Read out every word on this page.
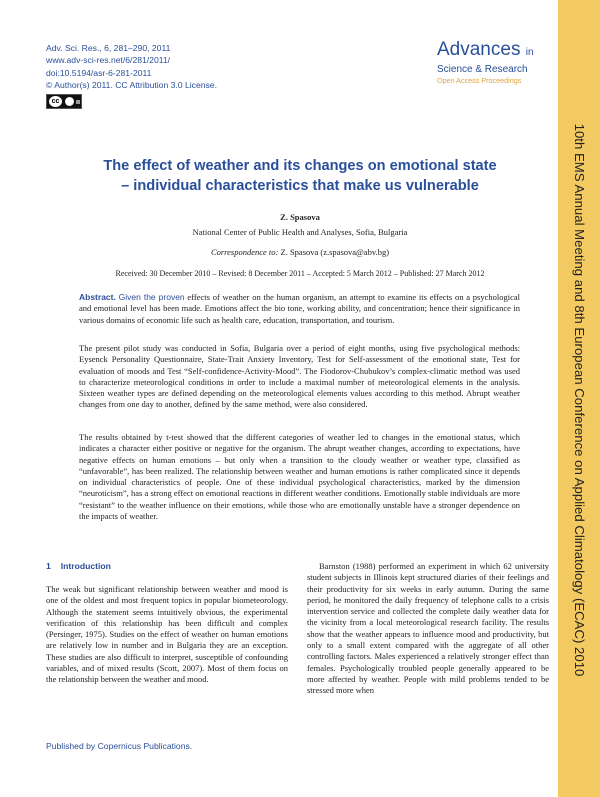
10th EMS Annual Meeting and 8th European Conference on Applied Climatology (ECAC) 2010
Adv. Sci. Res., 6, 281–290, 2011
www.adv-sci-res.net/6/281/2011/
doi:10.5194/asr-6-281-2011
© Author(s) 2011. CC Attribution 3.0 License.
cc
Advances in
Science & Research
Open Access Proceedings
The effect of weather and its changes on emotional state
– individual characteristics that make us vulnerable
Z. Spasova
National Center of Public Health and Analyses, Sofia, Bulgaria
Correspondence to: Z. Spasova (z.spasova@abv.bg)
Received: 30 December 2010 – Revised: 8 December 2011 – Accepted: 5 March 2012 – Published: 27 March 2012
Abstract. Given the proven effects of weather on the human organism, an attempt to examine its effects on a psychological and emotional level has been made. Emotions affect the bio tone, working ability, and concentration; hence their significance in various domains of economic life such as health care, education, transportation, and tourism.
The present pilot study was conducted in Sofia, Bulgaria over a period of eight months, using five psychological methods: Eysenck Personality Questionnaire, State-Trait Anxiety Inventory, Test for Self-assessment of the emotional state, Test for evaluation of moods and Test “Self-confidence-Activity-Mood”. The Fiodorov-Chubukov’s complex-climatic method was used to characterize meteorological conditions in order to include a maximal number of meteorological elements in the analysis. Sixteen weather types are defined depending on the meteorological elements values according to this method. Abrupt weather changes from one day to another, defined by the same method, were also considered.
The results obtained by t-test showed that the different categories of weather led to changes in the emotional status, which indicates a character either positive or negative for the organism. The abrupt weather changes, according to expectations, have negative effects on human emotions – but only when a transition to the cloudy weather or weather type, classified as “unfavorable”, has been realized. The relationship between weather and human emotions is rather complicated since it depends on individual characteristics of people. One of these individual psychological characteristics, marked by the dimension “neuroticism”, has a strong effect on emotional reactions in different weather conditions. Emotionally stable individuals are more “resistant” to the weather influence on their emotions, while those who are emotionally unstable have a stronger dependence on the impacts of weather.
1 Introduction
The weak but significant relationship between weather and mood is one of the oldest and most frequent topics in popular biometeorology. Although the statement seems intuitively obvious, the experimental verification of this relationship has been difficult and complex (Persinger, 1975). Studies on the effect of weather on human emotions are relatively low in number and in Bulgaria they are an exception. These studies are also difficult to interpret, susceptible of confounding variables, and of mixed results (Scott, 2007). Most of them focus on the relationship between the weather and mood.
Barnston (1988) performed an experiment in which 62 university student subjects in Illinois kept structured diaries of their feelings and their productivity for six weeks in early autumn. During the same period, he monitored the daily frequency of telephone calls to a crisis intervention service and collected the complete daily weather data for the vicinity from a local meteorological research facility. The results show that the weather appears to influence mood and productivity, but only to a small extent compared with the aggregate of all other controlling factors. Males experienced a relatively stronger effect than females. Psychologically troubled people generally appeared to be more affected by weather. People with mild problems tended to be stressed more when
Published by Copernicus Publications.
